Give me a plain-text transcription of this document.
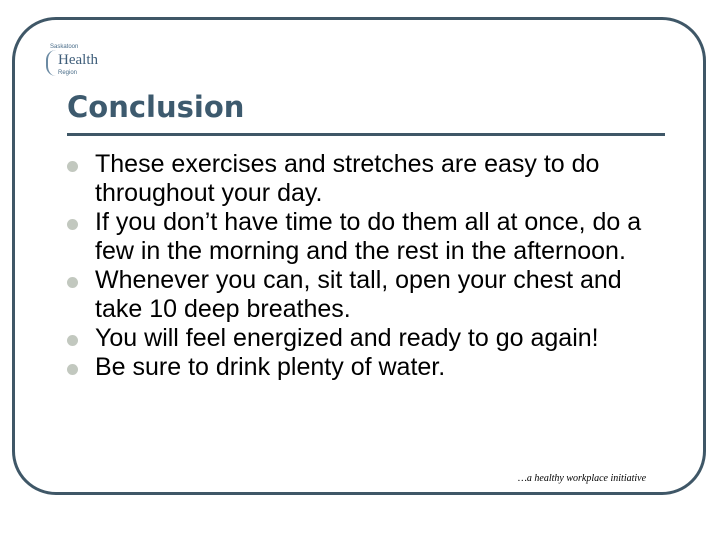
Saskatoon
Health
Region
Conclusion
These exercises and stretches are easy to do throughout your day.
If you don’t have time to do them all at once, do a few in the morning and the rest in the afternoon.
Whenever you can, sit tall, open your chest and take 10 deep breathes.
You will feel energized and ready to go again!
Be sure to drink plenty of water.
…a healthy workplace initiative
